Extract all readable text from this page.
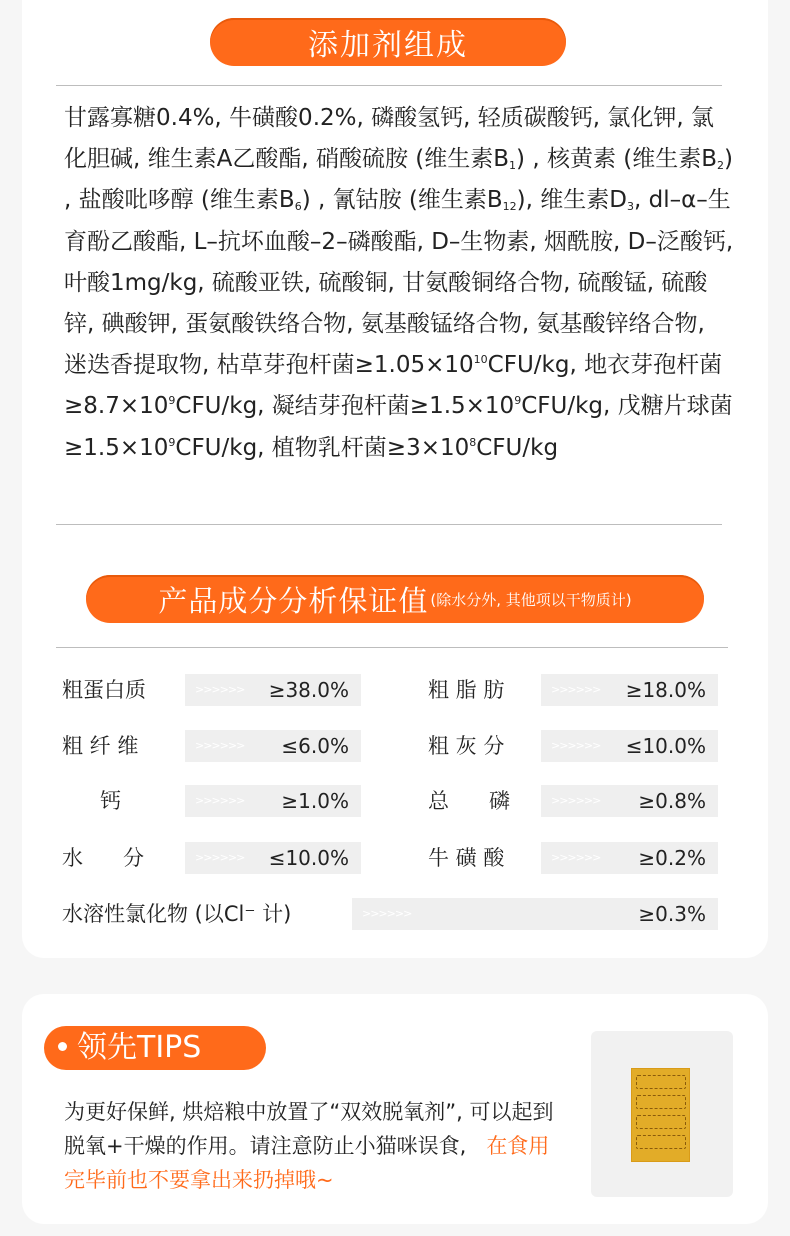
添加剂组成
甘露寡糖0.4%, 牛磺酸0.2%, 磷酸氢钙, 轻质碳酸钙, 氯化钾, 氯化胆碱, 维生素A乙酸酯, 硝酸硫胺 (维生素$B_1$) , 核黄素 (维生素$B_2$) , 盐酸吡哆醇 (维生素$B_6$) , 氰钴胺 (维生素$B_{12}$), 维生素$D_3$, dl–α–生育酚乙酸酯, L–抗坏血酸–2–磷酸酯, D–生物素, 烟酰胺, D–泛酸钙, 叶酸1mg/kg, 硫酸亚铁, 硫酸铜, 甘氨酸铜络合物, 硫酸锰, 硫酸锌, 碘酸钾, 蛋氨酸铁络合物, 氨基酸锰络合物, 氨基酸锌络合物, 迷迭香提取物, 枯草芽孢杆菌$\ge 1.05\times 10^{10}CFU/kg$, 地衣芽孢杆菌$\ge 8.7\times 10^9CFU/kg$, 凝结芽孢杆菌$\ge 1.5\times 10^9CFU/kg$, 戊糖片球菌$\ge 1.5\times 10^9CFU/kg$, 植物乳杆菌$\ge 3\times 10^8CFU/kg$
产品成分分析保证值 (除水分外, 其他项以干物质计)
粗蛋白质	>>>>>> ≥38.0%	粗 脂 肪	>>>>>> ≥18.0%
粗 纤 维	>>>>>> ≤6.0%	粗 灰 分	>>>>>> ≤10.0%
钙	>>>>>> ≥1.0%	总      磷	>>>>>> ≥0.8%
水      分	>>>>>> ≤10.0%	牛 磺 酸	>>>>>> ≥0.2%
水溶性氯化物 (以Cl⁻ 计)	>>>>>>	≥0.3%
领先TIPS
为更好保鲜, 烘焙粮中放置了“双效脱氧剂”, 可以起到脱氧+干燥的作用。请注意防止小猫咪误食, 在食用完毕前也不要拿出来扔掉哦~
